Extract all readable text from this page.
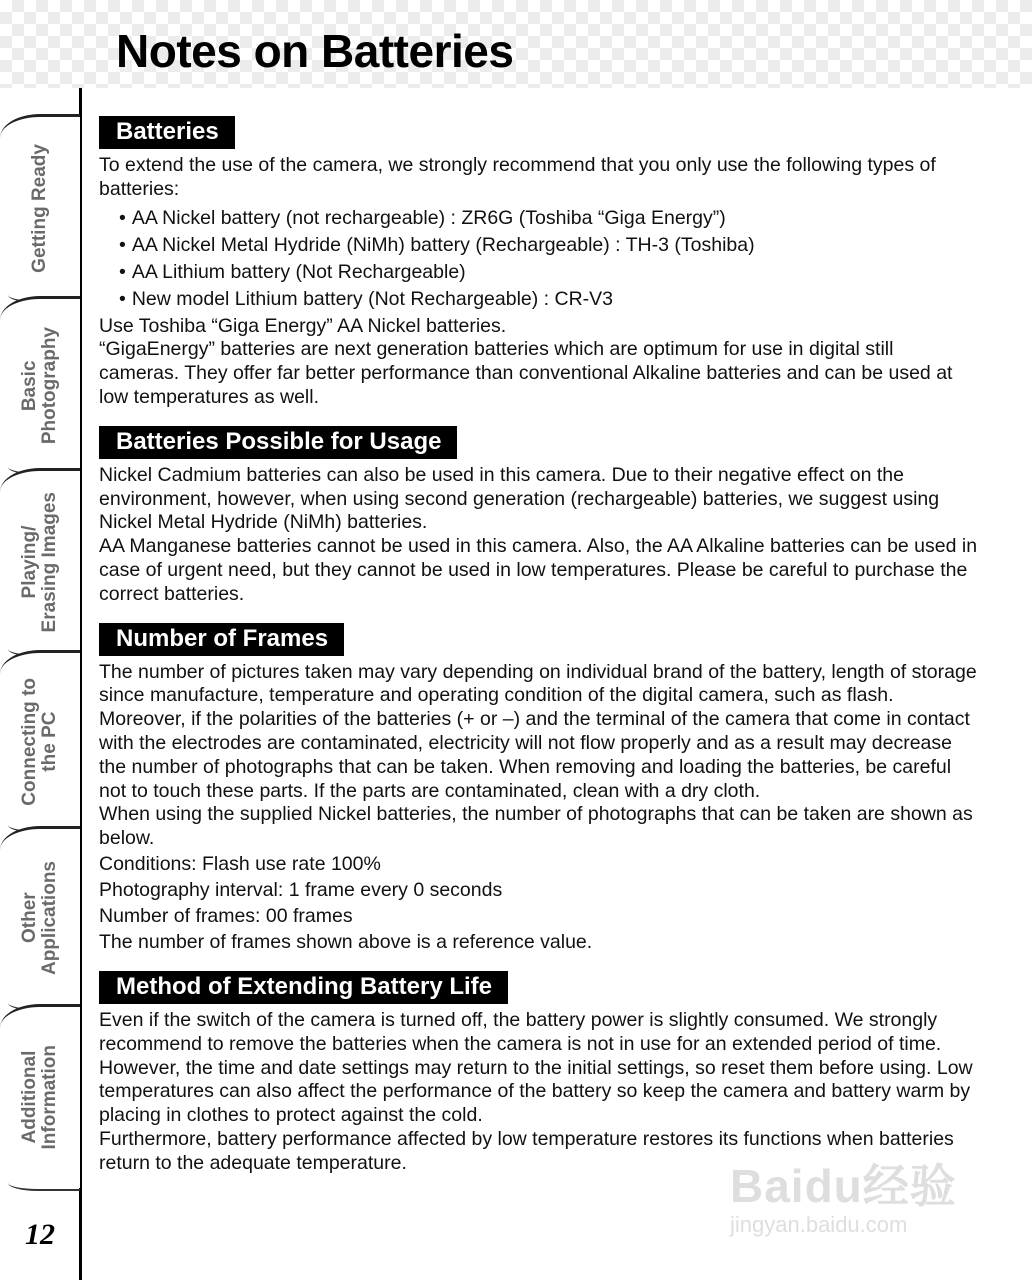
Notes on Batteries
Getting Ready
Basic
Photography
Playing/
Erasing Images
Connecting to
the PC
Other
Applications
Additional
Information
12
Batteries

To extend the use of the camera, we strongly recommend that you only use the following types of batteries:

• AA Nickel battery (not rechargeable) : ZR6G (Toshiba “Giga Energy”)
• AA Nickel Metal Hydride (NiMh) battery (Rechargeable) : TH-3 (Toshiba)
• AA Lithium battery (Not Rechargeable)
• New model Lithium battery (Not Rechargeable) : CR-V3

Use Toshiba “Giga Energy” AA Nickel batteries.

“GigaEnergy” batteries are next generation batteries which are optimum for use in digital still cameras. They offer far better performance than conventional Alkaline batteries and can be used at low temperatures as well.

Batteries Possible for Usage

Nickel Cadmium batteries can also be used in this camera. Due to their negative effect on the environment, however, when using second generation (rechargeable) batteries, we suggest using Nickel Metal Hydride (NiMh) batteries.

AA Manganese batteries cannot be used in this camera. Also, the AA Alkaline batteries can be used in case of urgent need, but they cannot be used in low temperatures. Please be careful to purchase the correct batteries.

Number of Frames

The number of pictures taken may vary depending on individual brand of the battery, length of storage since manufacture, temperature and operating condition of the digital camera, such as flash. Moreover, if the polarities of the batteries (+ or –) and the terminal of the camera that come in contact with the electrodes are contaminated, electricity will not flow properly and as a result may decrease the number of photographs that can be taken. When removing and loading the batteries, be careful not to touch these parts. If the parts are contaminated, clean with a dry cloth.

When using the supplied Nickel batteries, the number of photographs that can be taken are shown as below.

Conditions: Flash use rate 100%

Photography interval: 1 frame every 0 seconds

Number of frames: 00 frames

The number of frames shown above is a reference value.

Method of Extending Battery Life

Even if the switch of the camera is turned off, the battery power is slightly consumed. We strongly recommend to remove the batteries when the camera is not in use for an extended period of time. However, the time and date settings may return to the initial settings, so reset them before using. Low temperatures can also affect the performance of the battery so keep the camera and battery warm by placing in clothes to protect against the cold.

Furthermore, battery performance affected by low temperature restores its functions when batteries return to the adequate temperature.	Baidu经验
jingyan.baidu.com
